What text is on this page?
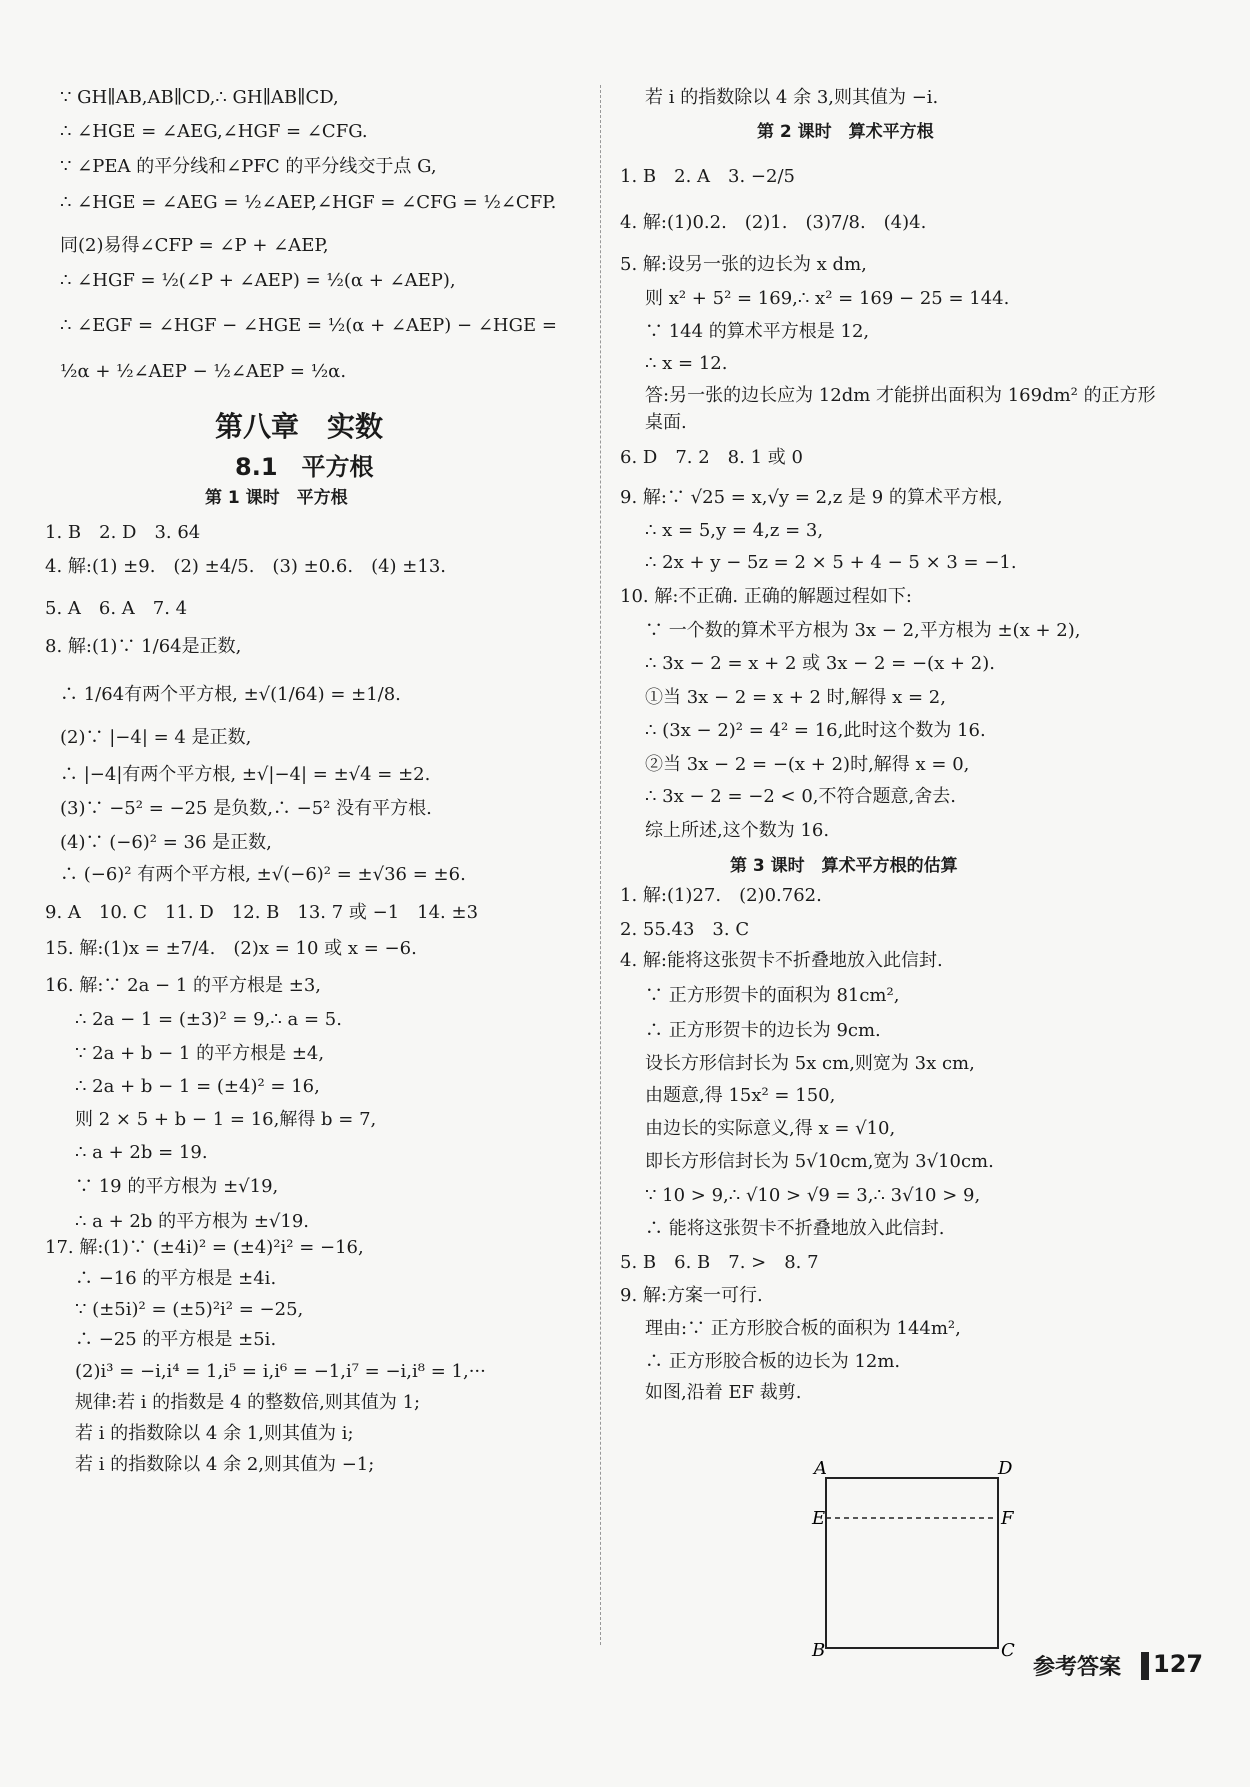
A	D
E	F
B	C
参考答案 127
∵ GH∥AB,AB∥CD,∴ GH∥AB∥CD,
∴ ∠HGE = ∠AEG,∠HGF = ∠CFG.
∵ ∠PEA 的平分线和∠PFC 的平分线交于点 G,
∴ ∠HGE = ∠AEG = ½∠AEP,∠HGF = ∠CFG = ½∠CFP.
同(2)易得∠CFP = ∠P + ∠AEP,
∴ ∠HGF = ½(∠P + ∠AEP) = ½(α + ∠AEP),
∴ ∠EGF = ∠HGF − ∠HGE = ½(α + ∠AEP) − ∠HGE =
½α + ½∠AEP − ½∠AEP = ½α.
第八章　实数
8.1　平方根
第 1 课时　平方根
1. B　2. D　3. 64
4. 解:(1) ±9.　(2) ±4/5.　(3) ±0.6.　(4) ±13.
5. A　6. A　7. 4
8. 解:(1)∵ 1/64是正数,
∴ 1/64有两个平方根, ±√(1/64) = ±1/8.
(2)∵ |−4| = 4 是正数,
∴ |−4|有两个平方根, ±√|−4| = ±√4 = ±2.
(3)∵ −5² = −25 是负数,∴ −5² 没有平方根.
(4)∵ (−6)² = 36 是正数,
∴ (−6)² 有两个平方根, ±√(−6)² = ±√36 = ±6.
9. A　10. C　11. D　12. B　13. 7 或 −1　14. ±3
15. 解:(1)x = ±7/4.　(2)x = 10 或 x = −6.
16. 解:∵ 2a − 1 的平方根是 ±3,
∴ 2a − 1 = (±3)² = 9,∴ a = 5.
∵ 2a + b − 1 的平方根是 ±4,
∴ 2a + b − 1 = (±4)² = 16,
则 2 × 5 + b − 1 = 16,解得 b = 7,
∴ a + 2b = 19.
∵ 19 的平方根为 ±√19,
∴ a + 2b 的平方根为 ±√19.
17. 解:(1)∵ (±4i)² = (±4)²i² = −16,
∴ −16 的平方根是 ±4i.
∵ (±5i)² = (±5)²i² = −25,
∴ −25 的平方根是 ±5i.
(2)i³ = −i,i⁴ = 1,i⁵ = i,i⁶ = −1,i⁷ = −i,i⁸ = 1,···
规律:若 i 的指数是 4 的整数倍,则其值为 1;
若 i 的指数除以 4 余 1,则其值为 i;
若 i 的指数除以 4 余 2,则其值为 −1;
若 i 的指数除以 4 余 3,则其值为 −i.
第 2 课时　算术平方根
1. B　2. A　3. −2/5
4. 解:(1)0.2.　(2)1.　(3)7/8.　(4)4.
5. 解:设另一张的边长为 x dm,
则 x² + 5² = 169,∴ x² = 169 − 25 = 144.
∵ 144 的算术平方根是 12,
∴ x = 12.
答:另一张的边长应为 12dm 才能拼出面积为 169dm² 的正方形
桌面.
6. D　7. 2　8. 1 或 0
9. 解:∵ √25 = x,√y = 2,z 是 9 的算术平方根,
∴ x = 5,y = 4,z = 3,
∴ 2x + y − 5z = 2 × 5 + 4 − 5 × 3 = −1.
10. 解:不正确. 正确的解题过程如下:
∵ 一个数的算术平方根为 3x − 2,平方根为 ±(x + 2),
∴ 3x − 2 = x + 2 或 3x − 2 = −(x + 2).
①当 3x − 2 = x + 2 时,解得 x = 2,
∴ (3x − 2)² = 4² = 16,此时这个数为 16.
②当 3x − 2 = −(x + 2)时,解得 x = 0,
∴ 3x − 2 = −2 < 0,不符合题意,舍去.
综上所述,这个数为 16.
第 3 课时　算术平方根的估算
1. 解:(1)27.　(2)0.762.
2. 55.43　3. C
4. 解:能将这张贺卡不折叠地放入此信封.
∵ 正方形贺卡的面积为 81cm²,
∴ 正方形贺卡的边长为 9cm.
设长方形信封长为 5x cm,则宽为 3x cm,
由题意,得 15x² = 150,
由边长的实际意义,得 x = √10,
即长方形信封长为 5√10cm,宽为 3√10cm.
∵ 10 > 9,∴ √10 > √9 = 3,∴ 3√10 > 9,
∴ 能将这张贺卡不折叠地放入此信封.
5. B　6. B　7. >　8. 7
9. 解:方案一可行.
理由:∵ 正方形胶合板的面积为 144m²,
∴ 正方形胶合板的边长为 12m.
如图,沿着 EF 裁剪.
